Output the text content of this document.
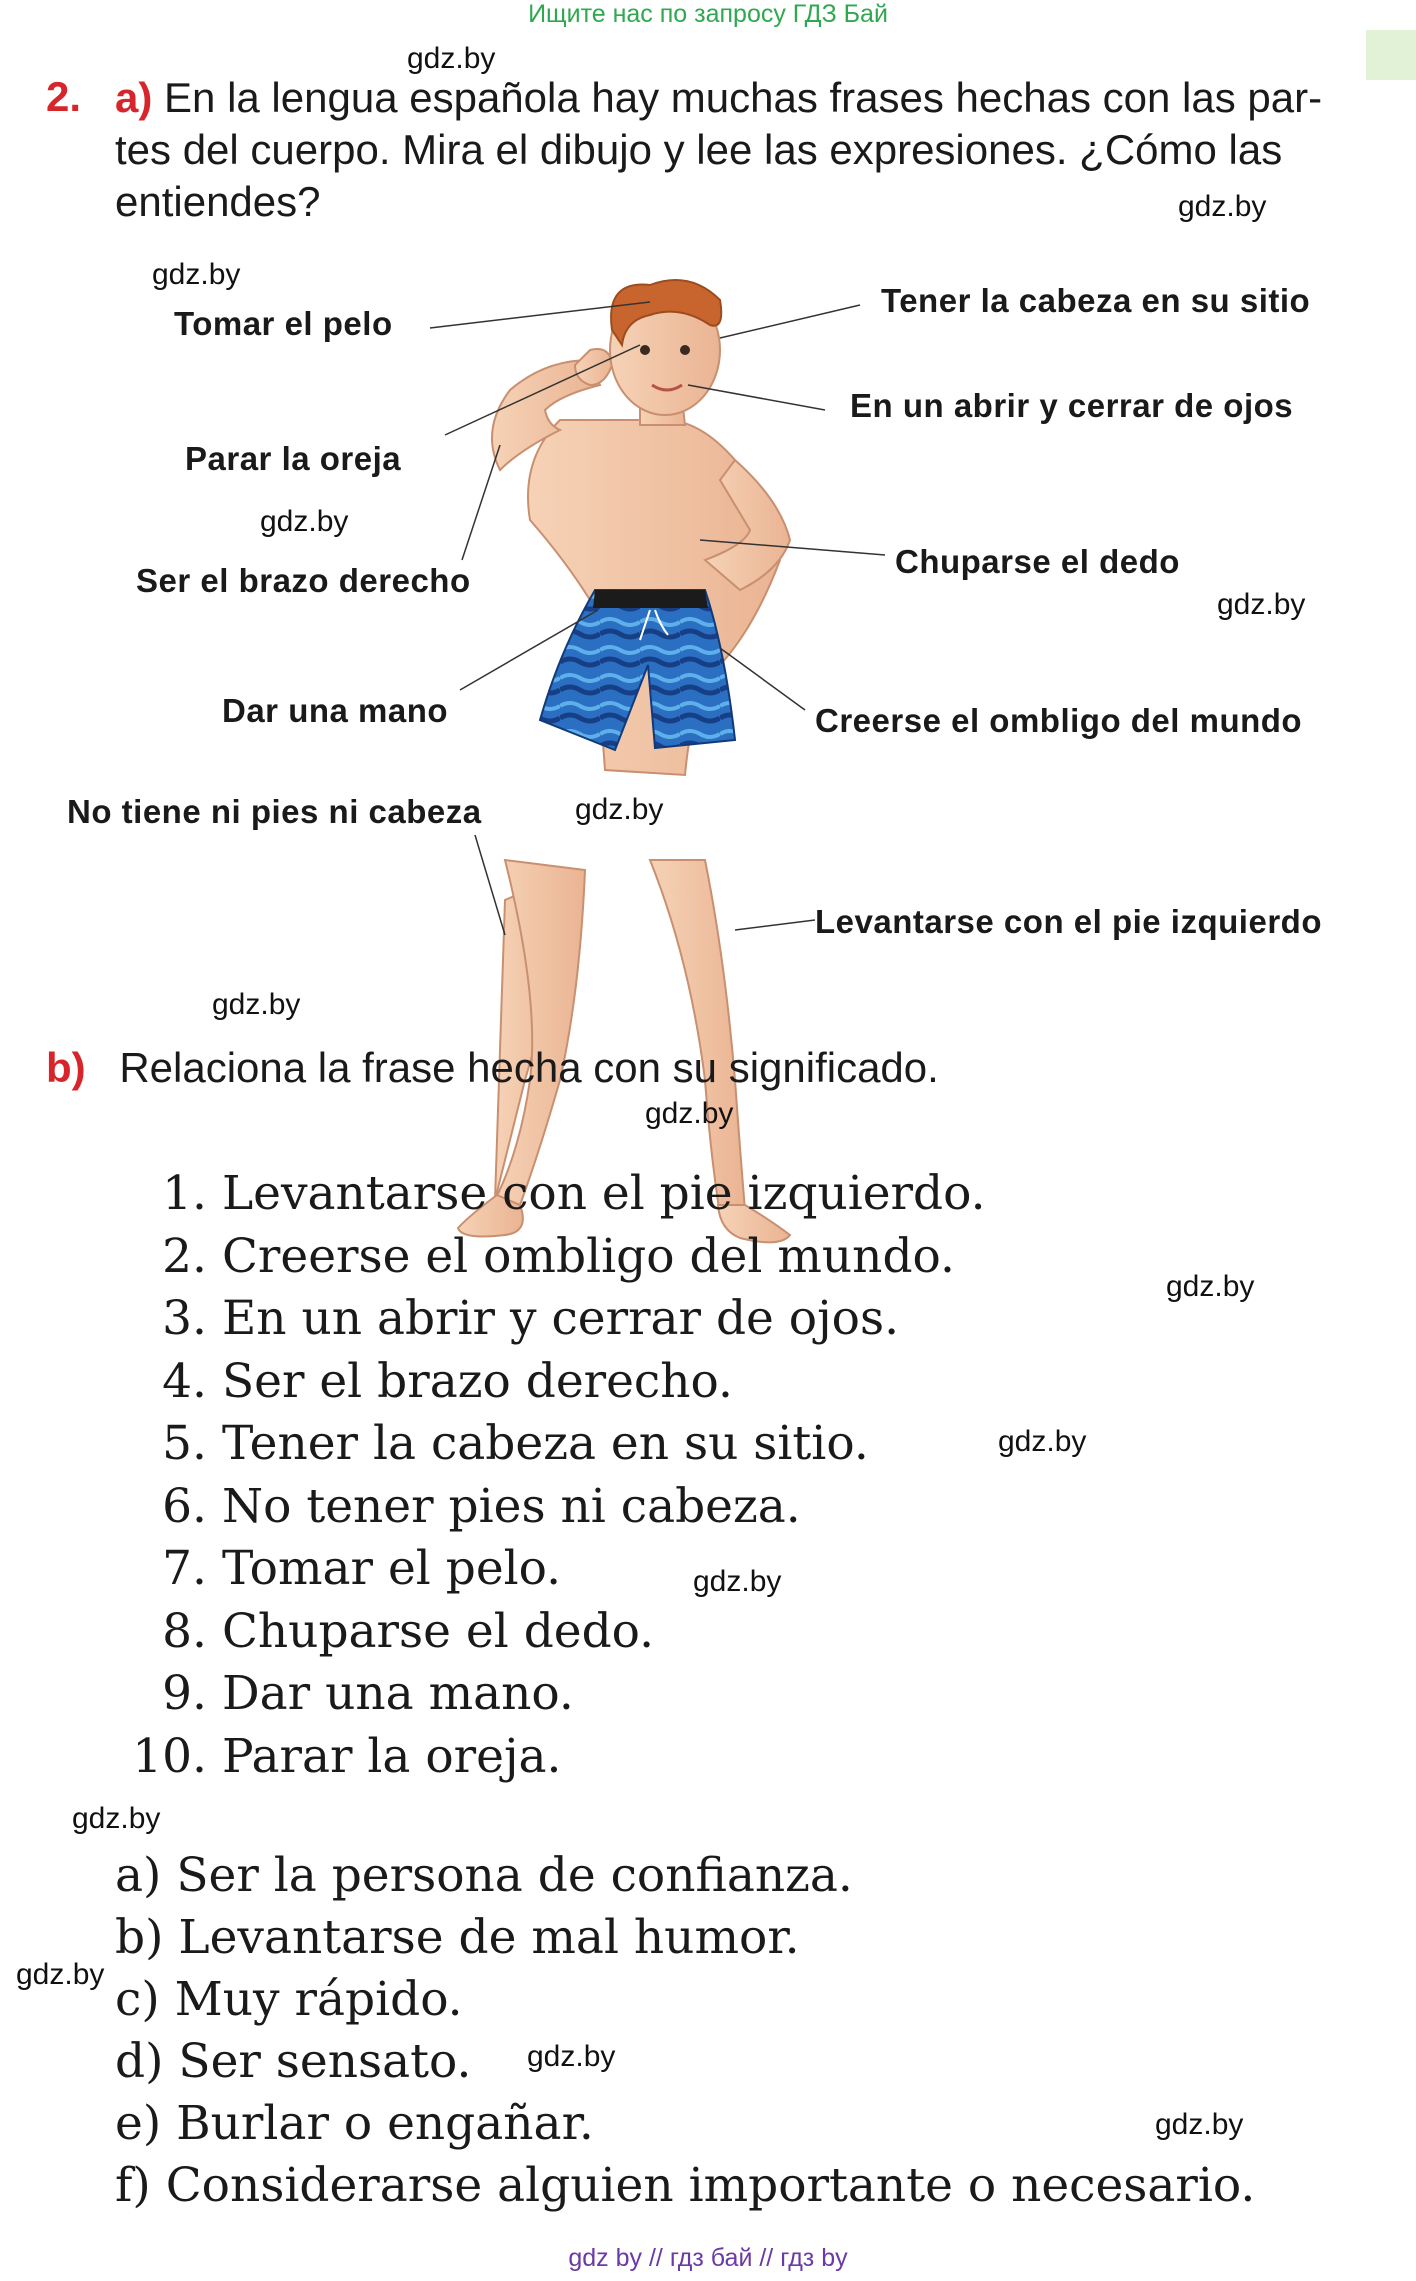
Ищите нас по запросу ГДЗ Бай
2. a) En la lengua española hay muchas frases hechas con las par-
tes del cuerpo. Mira el dibujo y lee las expresiones. ¿Cómo las
entiendes?
Tomar el pelo
Tener la cabeza en su sitio
En un abrir y cerrar de ojos
Parar la oreja
Ser el brazo derecho
Chuparse el dedo
Dar una mano	Creerse el ombligo del mundo
No tiene ni pies ni cabeza
Levantarse con el pie izquierdo
b) Relaciona la frase hecha con su significado.
1. Levantarse con el pie izquierdo.
2. Creerse el ombligo del mundo.
3. En un abrir y cerrar de ojos.
4. Ser el brazo derecho.
5. Tener la cabeza en su sitio.
6. No tener pies ni cabeza.
7. Tomar el pelo.
8. Chuparse el dedo.
9. Dar una mano.
10. Parar la oreja.
a) Ser la persona de confianza.
b) Levantarse de mal humor.
c) Muy rápido.
d) Ser sensato.
e) Burlar o engañar.
f) Considerarse alguien importante o necesario.
gdz.by
gdz.by
gdz.by
gdz.by
gdz.by
gdz.by
gdz.by
gdz.by
gdz.by
gdz.by
gdz.by
gdz.by
gdz.by
gdz.by
gdz.by
gdz by // гдз бай // гдз by
